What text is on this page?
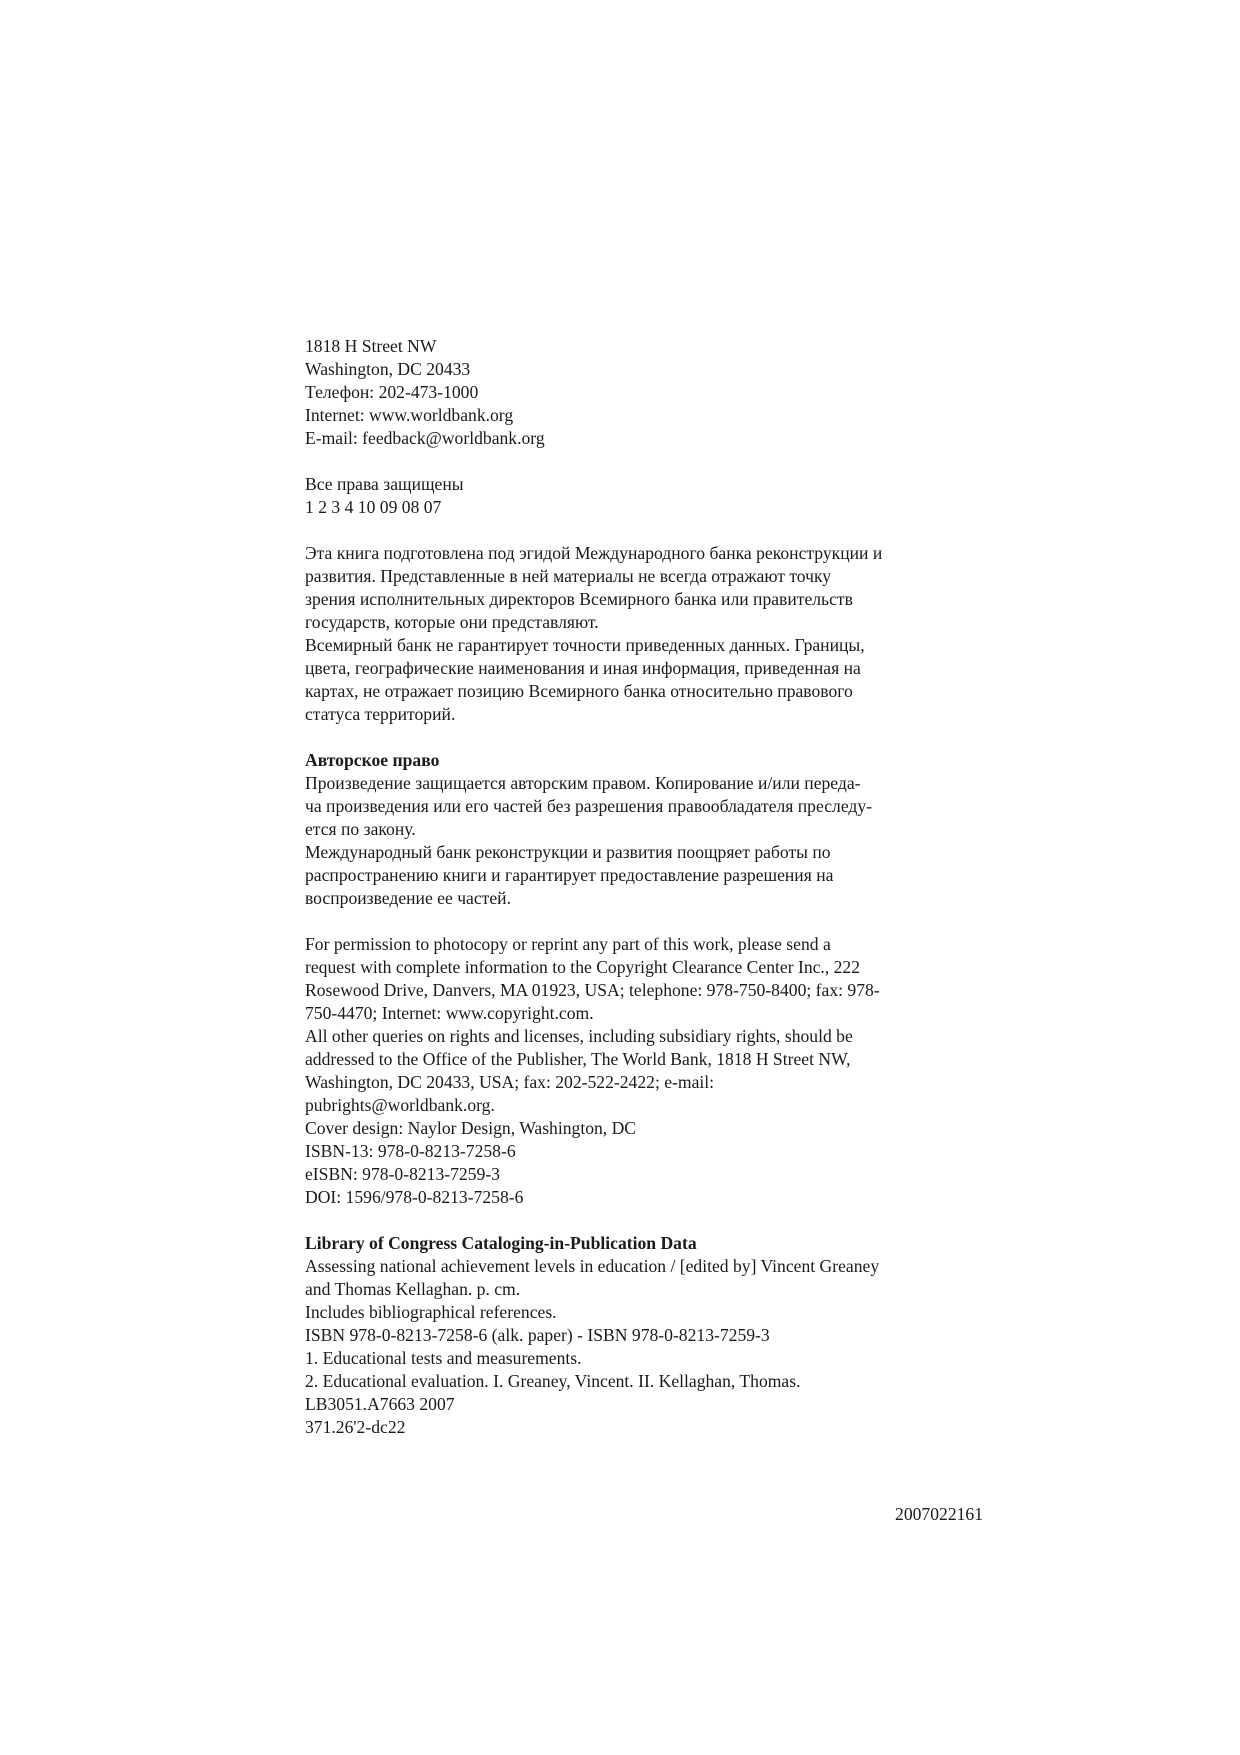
1818 H Street NW
Washington, DC 20433
Телефон: 202-473-1000
Internet: www.worldbank.org
E-mail: feedback@worldbank.org
Все права защищены
1 2 3 4 10 09 08 07
Эта книга подготовлена под эгидой Международного банка реконструкции и
развития. Представленные в ней материалы не всегда отражают точку
зрения исполнительных директоров Всемирного банка или правительств
государств, которые они представляют.
Всемирный банк не гарантирует точности приведенных данных. Границы,
цвета, географические наименования и иная информация, приведенная на
картах, не отражает позицию Всемирного банка относительно правового
статуса территорий.
Авторское право
Произведение защищается авторским правом. Копирование и/или переда-
ча произведения или его частей без разрешения правообладателя преследу-
ется по закону.
Международный банк реконструкции и развития поощряет работы по
распространению книги и гарантирует предоставление разрешения на
воспроизведение ее частей.
For permission to photocopy or reprint any part of this work, please send a
request with complete information to the Copyright Clearance Center Inc., 222
Rosewood Drive, Danvers, MA 01923, USA; telephone: 978-750-8400; fax: 978-
750-4470; Internet: www.copyright.com.
All other queries on rights and licenses, including subsidiary rights, should be
addressed to the Office of the Publisher, The World Bank, 1818 H Street NW,
Washington, DC 20433, USA; fax: 202-522-2422; e-mail:
pubrights@worldbank.org.
Cover design: Naylor Design, Washington, DC
ISBN-13: 978-0-8213-7258-6
eISBN: 978-0-8213-7259-3
DOI: 1596/978-0-8213-7258-6
Library of Congress Cataloging-in-Publication Data
Assessing national achievement levels in education / [edited by] Vincent Greaney
and Thomas Kellaghan. p. cm.
Includes bibliographical references.
ISBN 978-0-8213-7258-6 (alk. paper) - ISBN 978-0-8213-7259-3
1. Educational tests and measurements.
2. Educational evaluation. I. Greaney, Vincent. II. Kellaghan, Thomas.
LB3051.A7663 2007
371.26'2-dc22
2007022161
